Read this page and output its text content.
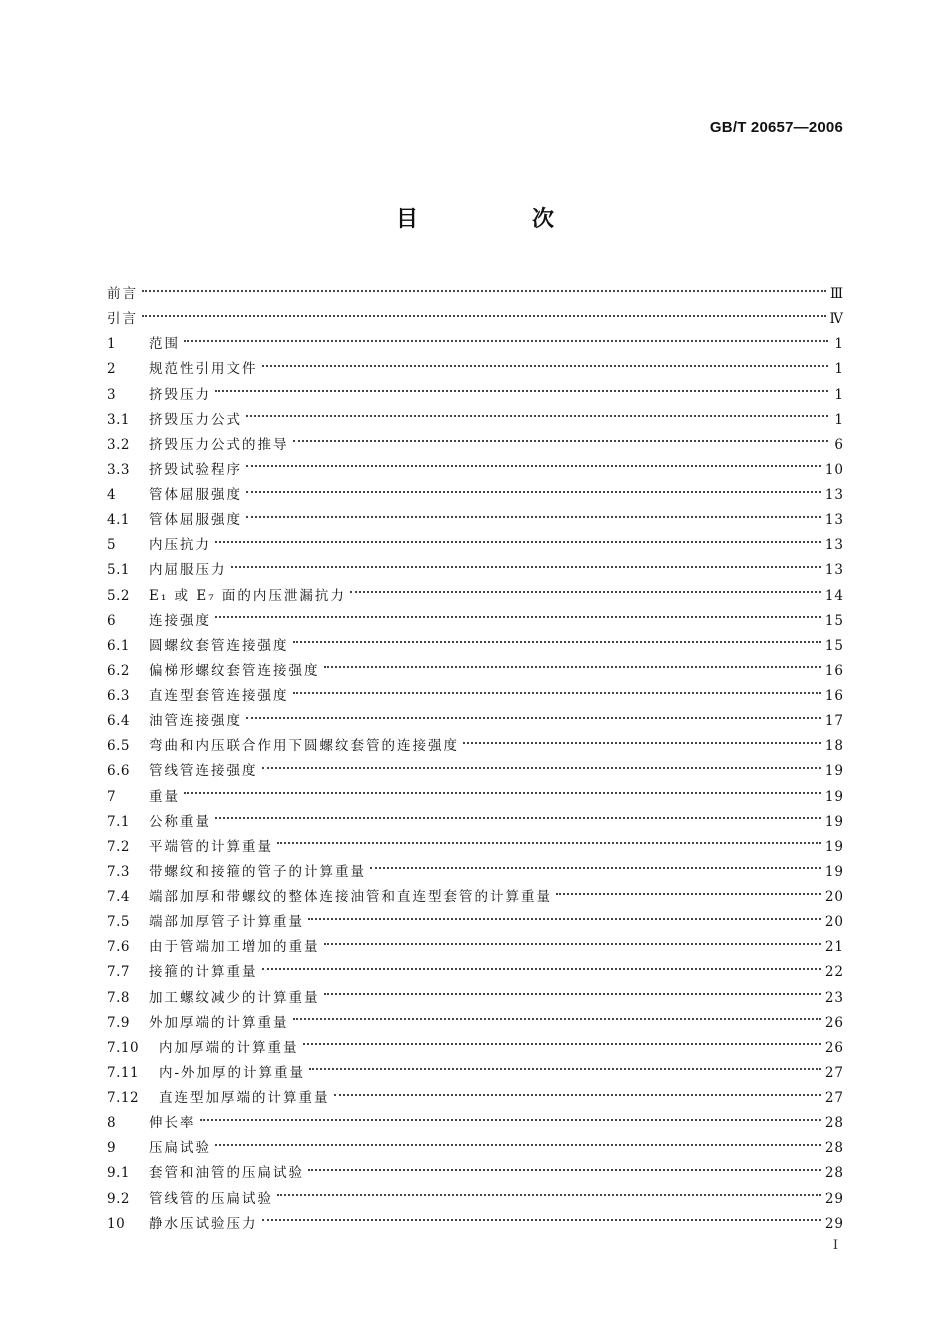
GB/T 20657—2006
目　次
前言	Ⅲ
引言	Ⅳ
1	范围	1
2	规范性引用文件	1
3	挤毁压力	1
3.1	挤毁压力公式	1
3.2	挤毁压力公式的推导	6
3.3	挤毁试验程序	10
4	管体屈服强度	13
4.1	管体屈服强度	13
5	内压抗力	13
5.1	内屈服压力	13
5.2	E₁ 或 E₇ 面的内压泄漏抗力	14
6	连接强度	15
6.1	圆螺纹套管连接强度	15
6.2	偏梯形螺纹套管连接强度	16
6.3	直连型套管连接强度	16
6.4	油管连接强度	17
6.5	弯曲和内压联合作用下圆螺纹套管的连接强度	18
6.6	管线管连接强度	19
7	重量	19
7.1	公称重量	19
7.2	平端管的计算重量	19
7.3	带螺纹和接箍的管子的计算重量	19
7.4	端部加厚和带螺纹的整体连接油管和直连型套管的计算重量	20
7.5	端部加厚管子计算重量	20
7.6	由于管端加工增加的重量	21
7.7	接箍的计算重量	22
7.8	加工螺纹减少的计算重量	23
7.9	外加厚端的计算重量	26
7.10	内加厚端的计算重量	26
7.11	内-外加厚的计算重量	27
7.12	直连型加厚端的计算重量	27
8	伸长率	28
9	压扁试验	28
9.1	套管和油管的压扁试验	28
9.2	管线管的压扁试验	29
10	静水压试验压力	29
Ⅰ
